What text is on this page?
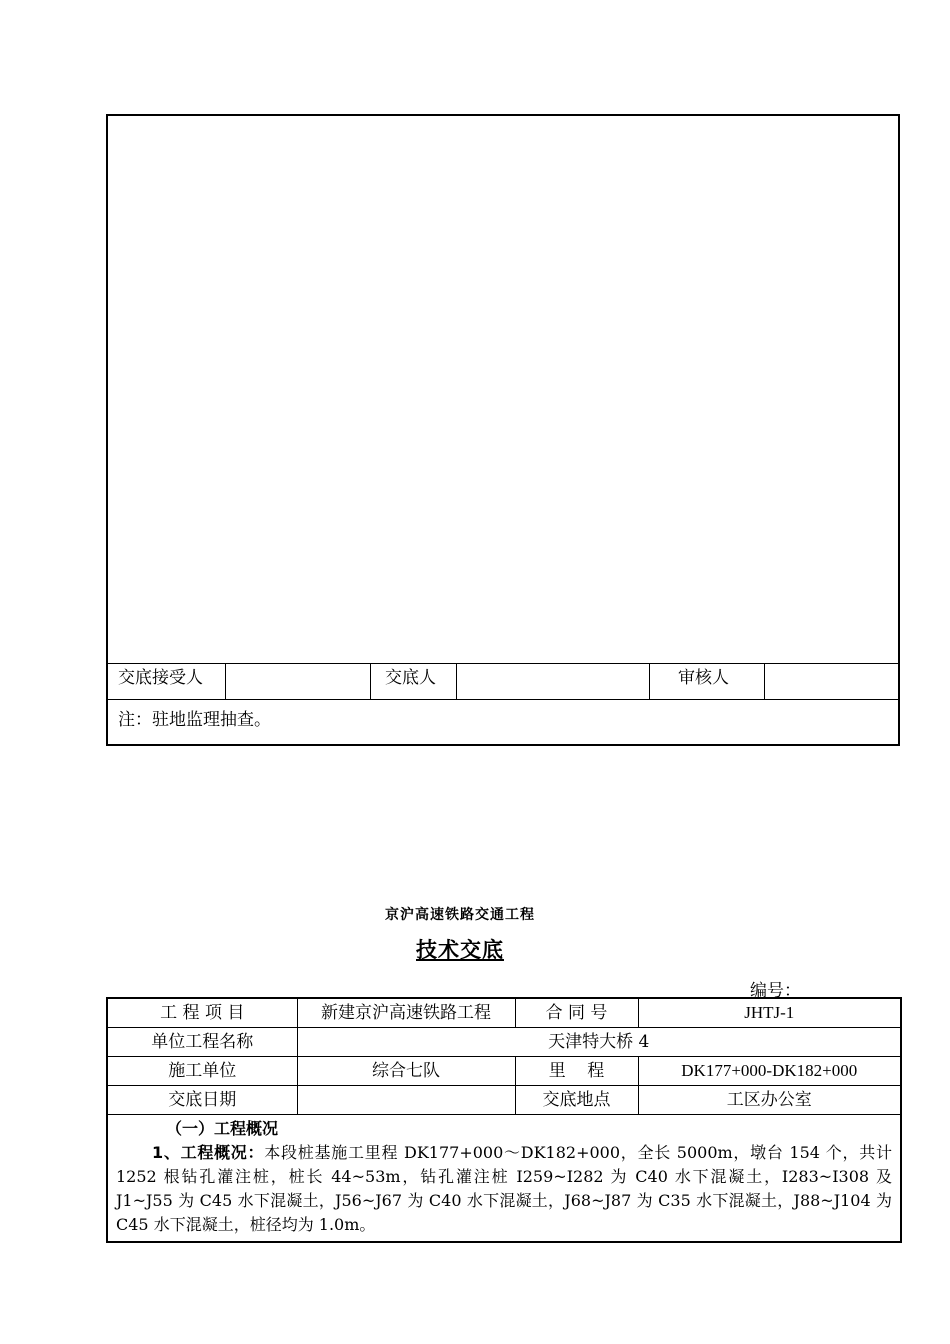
交底接受人	交底人	审核人
注：驻地监理抽查。
京沪高速铁路交通工程
技术交底
编号：
工 程 项 目	新建京沪高速铁路工程	合 同 号	JHTJ-1
单位工程名称	天津特大桥 4		
施工单位	综合七队	里    程	DK177+000-DK182+000
交底日期		交底地点	工区办公室

（一）工程概况
1、工程概况：本段桩基施工里程 DK177+000～DK182+000，全长 5000m，墩台 154 个，共计 1252 根钻孔灌注桩，桩长 44~53m，钻孔灌注桩 I259~I282 为 C40 水下混凝土，I283~I308 及 J1~J55 为 C45 水下混凝土，J56~J67 为 C40 水下混凝土，J68~J87 为 C35 水下混凝土，J88~J104 为 C45 水下混凝土，桩径均为 1.0m。			
